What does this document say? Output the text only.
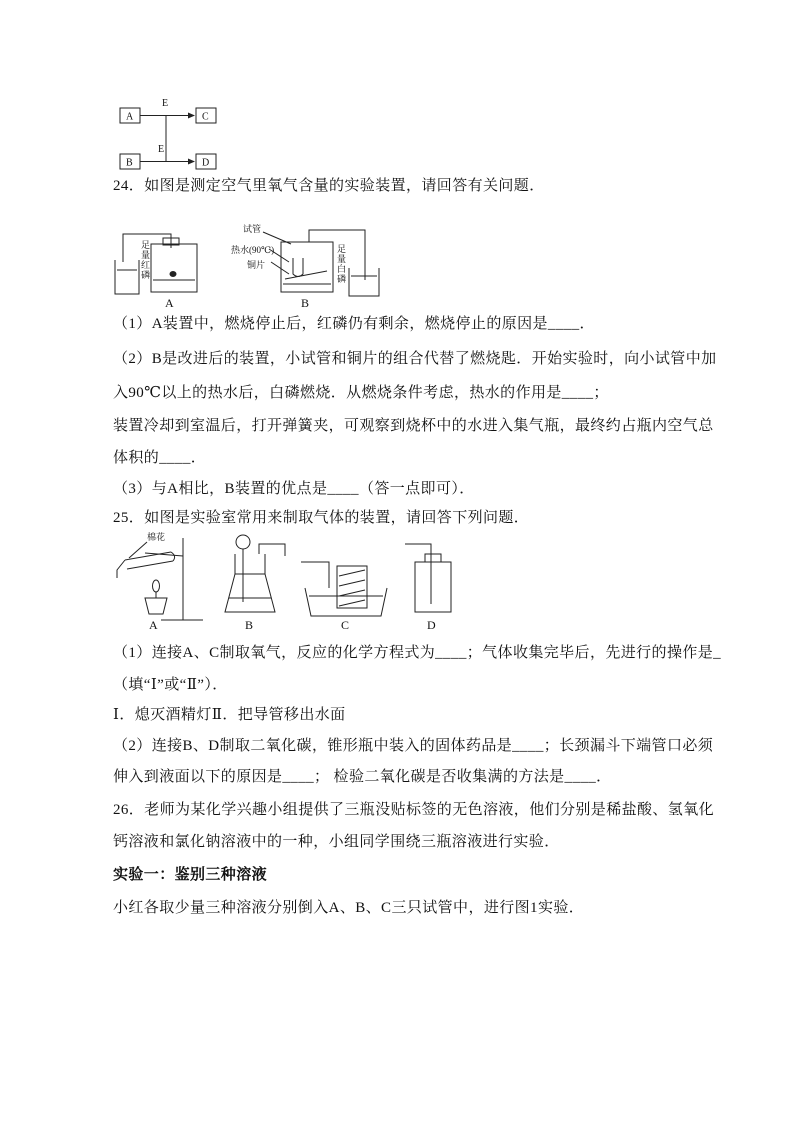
A	C
B	D
E
E
24．如图是测定空气里氧气含量的实验装置，请回答有关问题．
足量红磷
试管
热水(90℃)
铜片	足量白磷
A	B
（1）A装置中，燃烧停止后，红磷仍有剩余，燃烧停止的原因是____．
（2）B是改进后的装置，小试管和铜片的组合代替了燃烧匙．开始实验时，向小试管中加
入90℃以上的热水后，白磷燃烧．从燃烧条件考虑，热水的作用是____；
装置冷却到室温后，打开弹簧夹，可观察到烧杯中的水进入集气瓶，最终约占瓶内空气总
体积的____．
（3）与A相比，B装置的优点是____（答一点即可）．
25．如图是实验室常用来制取气体的装置，请回答下列问题．
棉花
A	B	C	D
（1）连接A、C制取氧气，反应的化学方程式为____；气体收集完毕后，先进行的操作是_
（填“Ⅰ”或“Ⅱ”）．
Ⅰ．熄灭酒精灯Ⅱ．把导管移出水面
（2）连接B、D制取二氧化碳，锥形瓶中装入的固体药品是____；长颈漏斗下端管口必须
伸入到液面以下的原因是____； 检验二氧化碳是否收集满的方法是____．
26．老师为某化学兴趣小组提供了三瓶没贴标签的无色溶液，他们分别是稀盐酸、氢氧化
钙溶液和氯化钠溶液中的一种，小组同学围绕三瓶溶液进行实验．
实验一：鉴别三种溶液
小红各取少量三种溶液分别倒入A、B、C三只试管中，进行图1实验．
